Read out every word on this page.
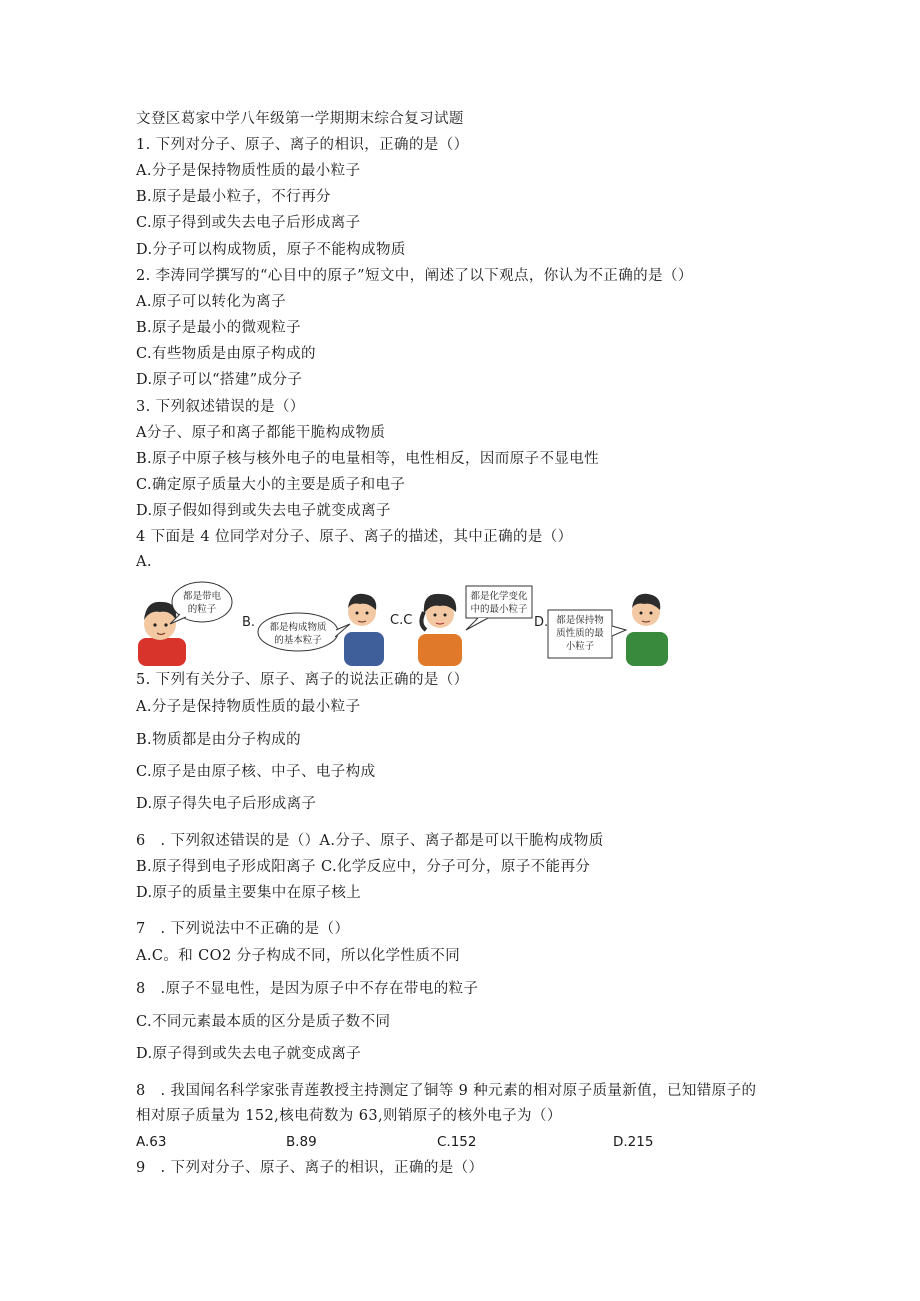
文登区葛家中学八年级第一学期期末综合复习试题
1. 下列对分子、原子、离子的相识，正确的是（）
A.分子是保持物质性质的最小粒子
B.原子是最小粒子，不行再分
C.原子得到或失去电子后形成离子
D.分子可以构成物质，原子不能构成物质
2. 李涛同学撰写的“心目中的原子”短文中，阐述了以下观点，你认为不正确的是（）
A.原子可以转化为离子
B.原子是最小的微观粒子
C.有些物质是由原子构成的
D.原子可以“搭建”成分子
3. 下列叙述错误的是（）
A分子、原子和离子都能干脆构成物质
B.原子中原子核与核外电子的电量相等，电性相反，因而原子不显电性
C.确定原子质量大小的主要是质子和电子
D.原子假如得到或失去电子就变成离子
4 下面是 4 位同学对分子、原子、离子的描述，其中正确的是（）
A.
都是带电
的粒子
B. 都是构成物质
的基本粒子
C.C
都是化学变化
中的最小粒子
D. 都是保持物
质性质的最
小粒子
5. 下列有关分子、原子、离子的说法正确的是（）
A.分子是保持物质性质的最小粒子
B.物质都是由分子构成的
C.原子是由原子核、中子、电子构成
D.原子得失电子后形成离子
6　. 下列叙述错误的是（）A.分子、原子、离子都是可以干脆构成物质
B.原子得到电子形成阳离子 C.化学反应中，分子可分，原子不能再分
D.原子的质量主要集中在原子核上
7　. 下列说法中不正确的是（）
A.C。和 CO2 分子构成不同，所以化学性质不同
8　.原子不显电性，是因为原子中不存在带电的粒子
C.不同元素最本质的区分是质子数不同
D.原子得到或失去电子就变成离子
8　. 我国闻名科学家张青莲教授主持测定了铜等 9 种元素的相对原子质量新值，已知错原子的
相对原子质量为 152,核电荷数为 63,则销原子的核外电子为（）
A.63	B.89	C.152	D.215
9　. 下列对分子、原子、离子的相识，正确的是（）
